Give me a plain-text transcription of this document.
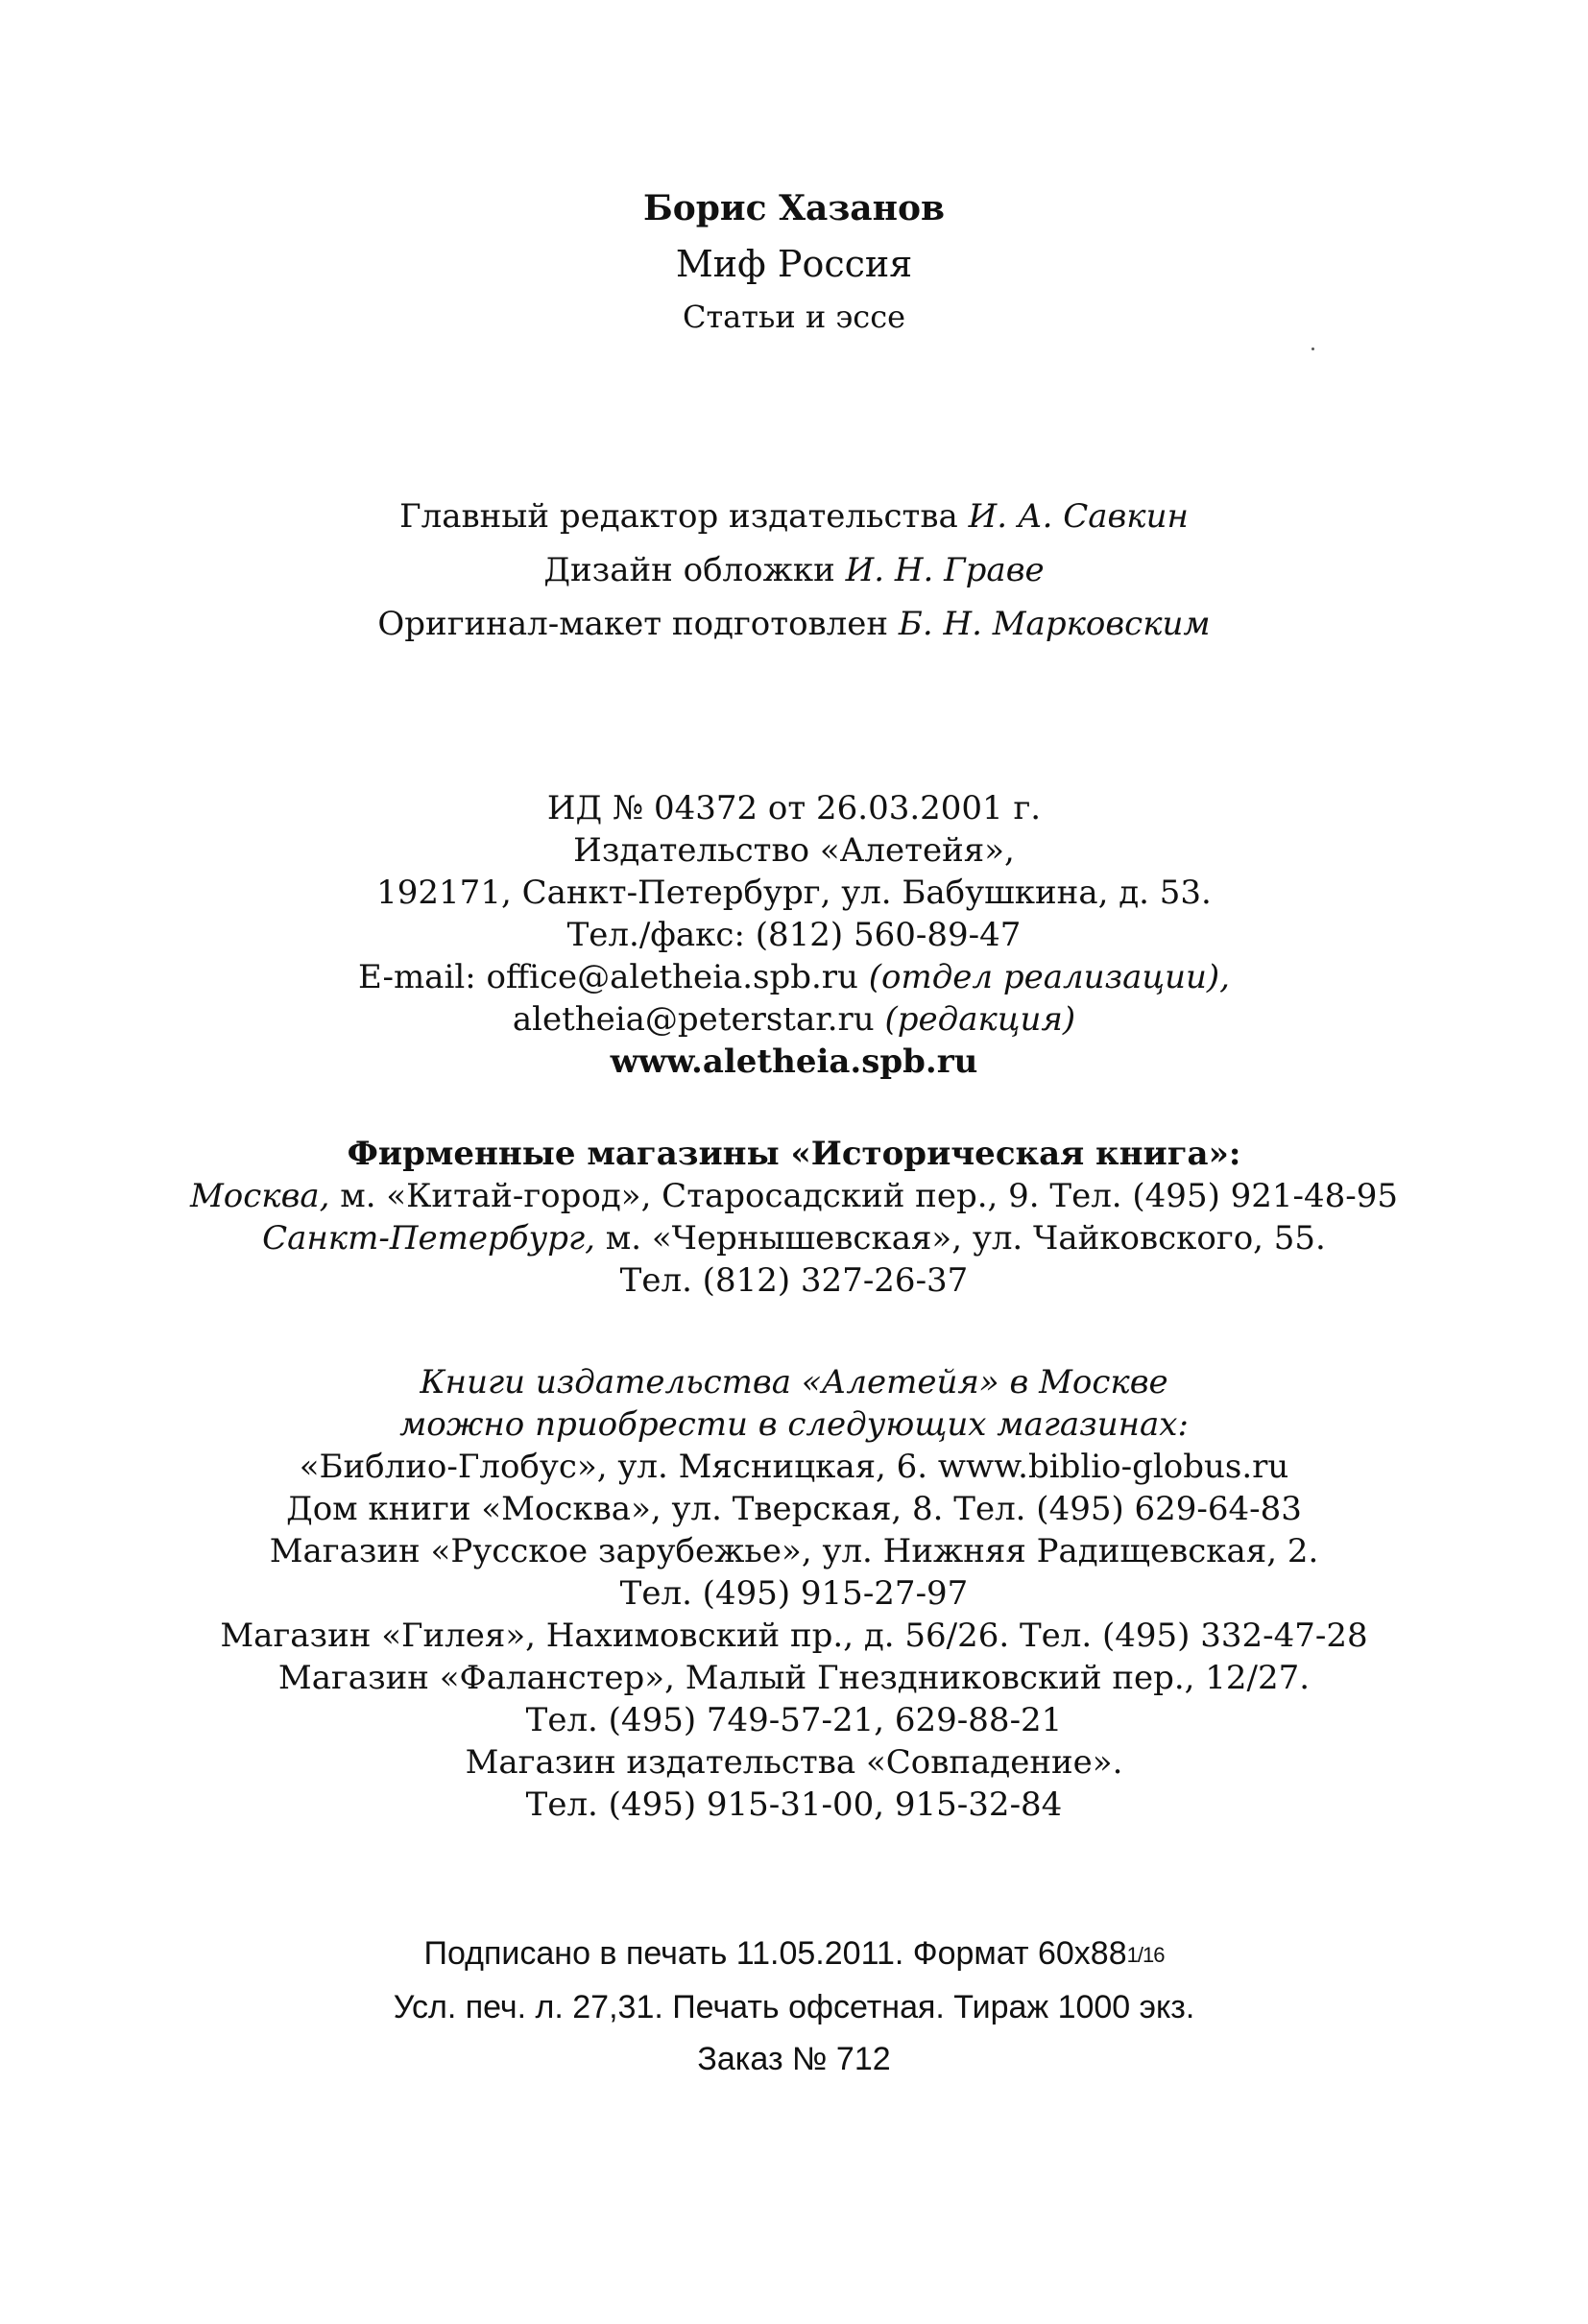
Борис Хазанов
Миф Россия
Статьи и эссе
Главный редактор издательства И. А. Савкин
Дизайн обложки И. Н. Граве
Оригинал-макет подготовлен Б. Н. Марковским
ИД № 04372 от 26.03.2001 г.
Издательство «Алетейя»,
192171, Санкт-Петербург, ул. Бабушкина, д. 53.
Тел./факс: (812) 560-89-47
E-mail: office@aletheia.spb.ru (отдел реализации),
aletheia@peterstar.ru (редакция)
www.aletheia.spb.ru
Фирменные магазины «Историческая книга»:
Москва, м. «Китай-город», Старосадский пер., 9. Тел. (495) 921-48-95
Санкт-Петербург, м. «Чернышевская», ул. Чайковского, 55.
Тел. (812) 327-26-37
Книги издательства «Алетейя» в Москве
можно приобрести в следующих магазинах:
«Библио-Глобус», ул. Мясницкая, 6. www.biblio-globus.ru
Дом книги «Москва», ул. Тверская, 8. Тел. (495) 629-64-83
Магазин «Русское зарубежье», ул. Нижняя Радищевская, 2.
Тел. (495) 915-27-97
Магазин «Гилея», Нахимовский пр., д. 56/26. Тел. (495) 332-47-28
Магазин «Фаланстер», Малый Гнездниковский пер., 12/27.
Тел. (495) 749-57-21, 629-88-21
Магазин издательства «Совпадение».
Тел. (495) 915-31-00, 915-32-84
Подписано в печать 11.05.2011. Формат 60x881/16
Усл. печ. л. 27,31. Печать офсетная. Тираж 1000 экз.
Заказ № 712
